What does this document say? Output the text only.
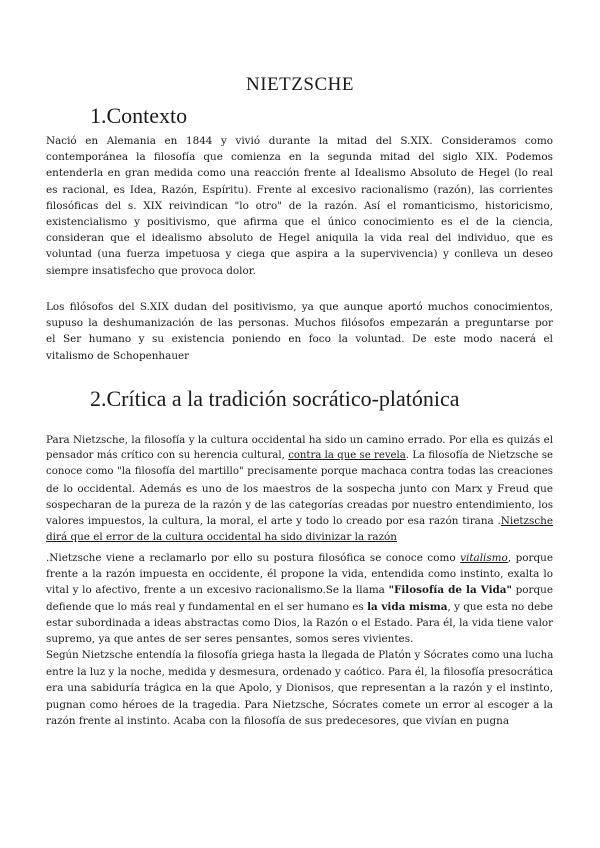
NIETZSCHE
1.Contexto
Nació en Alemania en 1844 y vivió durante la mitad del S.XIX. Consideramos como
contemporánea la filosofía que comienza en la segunda mitad del siglo XIX. Podemos
entenderla en gran medida como una reacción frente al Idealismo Absoluto de Hegel (lo real
es racional, es Idea, Razón, Espíritu). Frente al excesivo racionalismo (razón), las corrientes
filosóficas del s. XIX reivindican "lo otro" de la razón. Así el romanticismo, historicismo,
existencialismo y positivismo, que afirma que el único conocimiento es el de la ciencia,
consideran que el idealismo absoluto de Hegel aniquila la vida real del individuo, que es
voluntad (una fuerza impetuosa y ciega que aspira a la supervivencia) y conlleva un deseo
siempre insatisfecho que provoca dolor.
Los filósofos del S.XIX dudan del positivismo, ya que aunque aportó muchos conocimientos,
supuso la deshumanización de las personas. Muchos filósofos empezarán a preguntarse por
el Ser humano y su existencia poniendo en foco la voluntad. De este modo nacerá el
vitalismo de Schopenhauer
2.Crítica a la tradición socrático-platónica
Para Nietzsche, la filosofía y la cultura occidental ha sido un camino errado. Por ella es quizás el
pensador más crítico con su herencia cultural, contra la que se revela. La filosofía de Nietzsche se
conoce como "la filosofía del martillo" precisamente porque machaca contra todas las creaciones
de lo occidental. Además es uno de los maestros de la sospecha junto con Marx y Freud que
sospecharan de la pureza de la razón y de las categorías creadas por nuestro entendimiento, los
valores impuestos, la cultura, la moral, el arte y todo lo creado por esa razón tirana .Nietzsche
dirá que el error de la cultura occidental ha sido divinizar la razón
.Nietzsche viene a reclamarlo por ello su postura filosófica se conoce como vitalismo, porque
frente a la razón impuesta en occidente, él propone la vida, entendida como instinto, exalta lo
vital y lo afectivo, frente a un excesivo racionalismo.Se la llama "Filosofía de la Vida" porque
defiende que lo más real y fundamental en el ser humano es la vida misma, y que esta no debe
estar subordinada a ideas abstractas como Dios, la Razón o el Estado. Para él, la vida tiene valor
supremo, ya que antes de ser seres pensantes, somos seres vivientes.
Según Nietzsche entendía la filosofía griega hasta la llegada de Platón y Sócrates como una lucha
entre la luz y la noche, medida y desmesura, ordenado y caótico. Para él, la filosofía presocrática
era una sabiduría trágica en la que Apolo, y Dionisos, que representan a la razón y el instinto,
pugnan como héroes de la tragedia. Para Nietzsche, Sócrates comete un error al escoger a la
razón frente al instinto. Acaba con la filosofía de sus predecesores, que vivían en pugna
